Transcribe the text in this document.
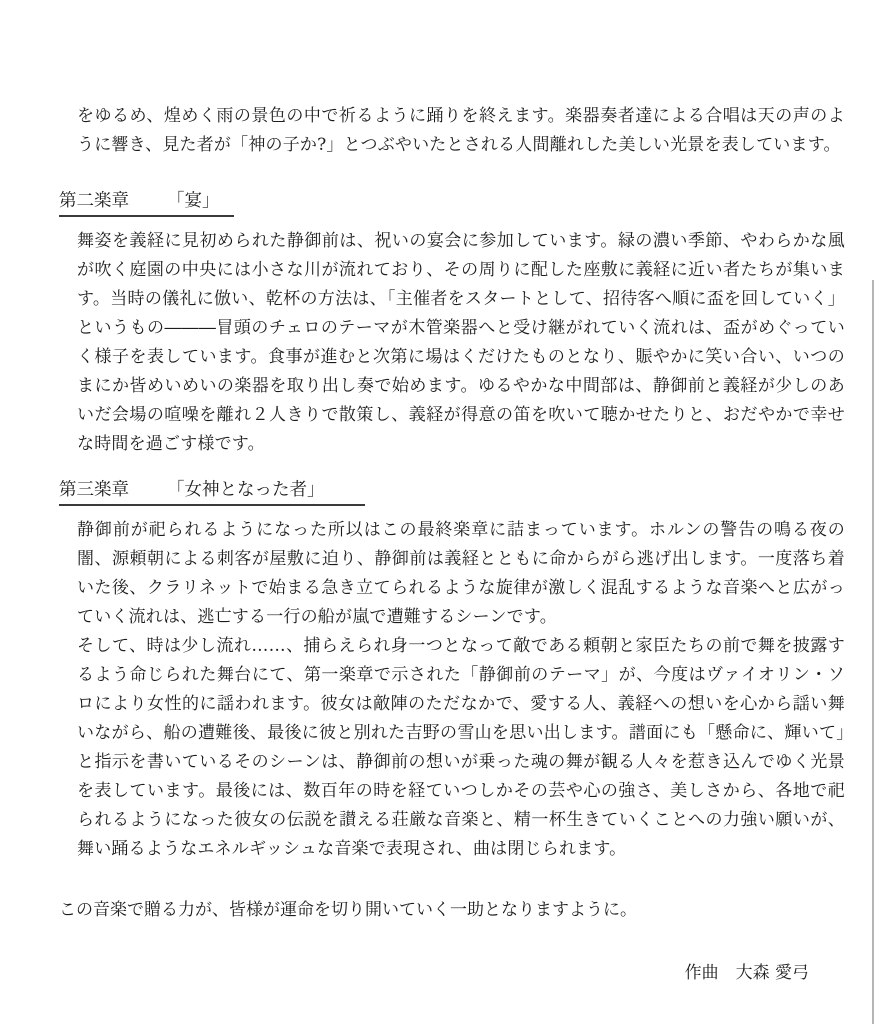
をゆるめ、煌めく雨の景色の中で祈るように踊りを終えます。楽器奏者達による合唱は天の声のように響き、見た者が「神の子か?」とつぶやいたとされる人間離れした美しい光景を表しています。

第二楽章 「宴」

舞姿を義経に見初められた静御前は、祝いの宴会に参加しています。緑の濃い季節、やわらかな風が吹く庭園の中央には小さな川が流れており、その周りに配した座敷に義経に近い者たちが集います。当時の儀礼に倣い、乾杯の方法は、「主催者をスタートとして、招待客へ順に盃を回していく」というもの―――冒頭のチェロのテーマが木管楽器へと受け継がれていく流れは、盃がめぐっていく様子を表しています。食事が進むと次第に場はくだけたものとなり、賑やかに笑い合い、いつのまにか皆めいめいの楽器を取り出し奏で始めます。ゆるやかな中間部は、静御前と義経が少しのあいだ会場の喧噪を離れ２人きりで散策し、義経が得意の笛を吹いて聴かせたりと、おだやかで幸せな時間を過ごす様です。

第三楽章 「女神となった者」

静御前が祀られるようになった所以はこの最終楽章に詰まっています。ホルンの警告の鳴る夜の闇、源頼朝による刺客が屋敷に迫り、静御前は義経とともに命からがら逃げ出します。一度落ち着いた後、クラリネットで始まる急き立てられるような旋律が激しく混乱するような音楽へと広がっていく流れは、逃亡する一行の船が嵐で遭難するシーンです。

そして、時は少し流れ……、捕らえられ身一つとなって敵である頼朝と家臣たちの前で舞を披露するよう命じられた舞台にて、第一楽章で示された「静御前のテーマ」が、今度はヴァイオリン・ソロにより女性的に謡われます。彼女は敵陣のただなかで、愛する人、義経への想いを心から謡い舞いながら、船の遭難後、最後に彼と別れた吉野の雪山を思い出します。譜面にも「懸命に、輝いて」と指示を書いているそのシーンは、静御前の想いが乗った魂の舞が観る人々を惹き込んでゆく光景を表しています。最後には、数百年の時を経ていつしかその芸や心の強さ、美しさから、各地で祀られるようになった彼女の伝説を讃える荘厳な音楽と、精一杯生きていくことへの力強い願いが、舞い踊るようなエネルギッシュな音楽で表現され、曲は閉じられます。

この音楽で贈る力が、皆様が運命を切り開いていく一助となりますように。

作曲　大森 愛弓
